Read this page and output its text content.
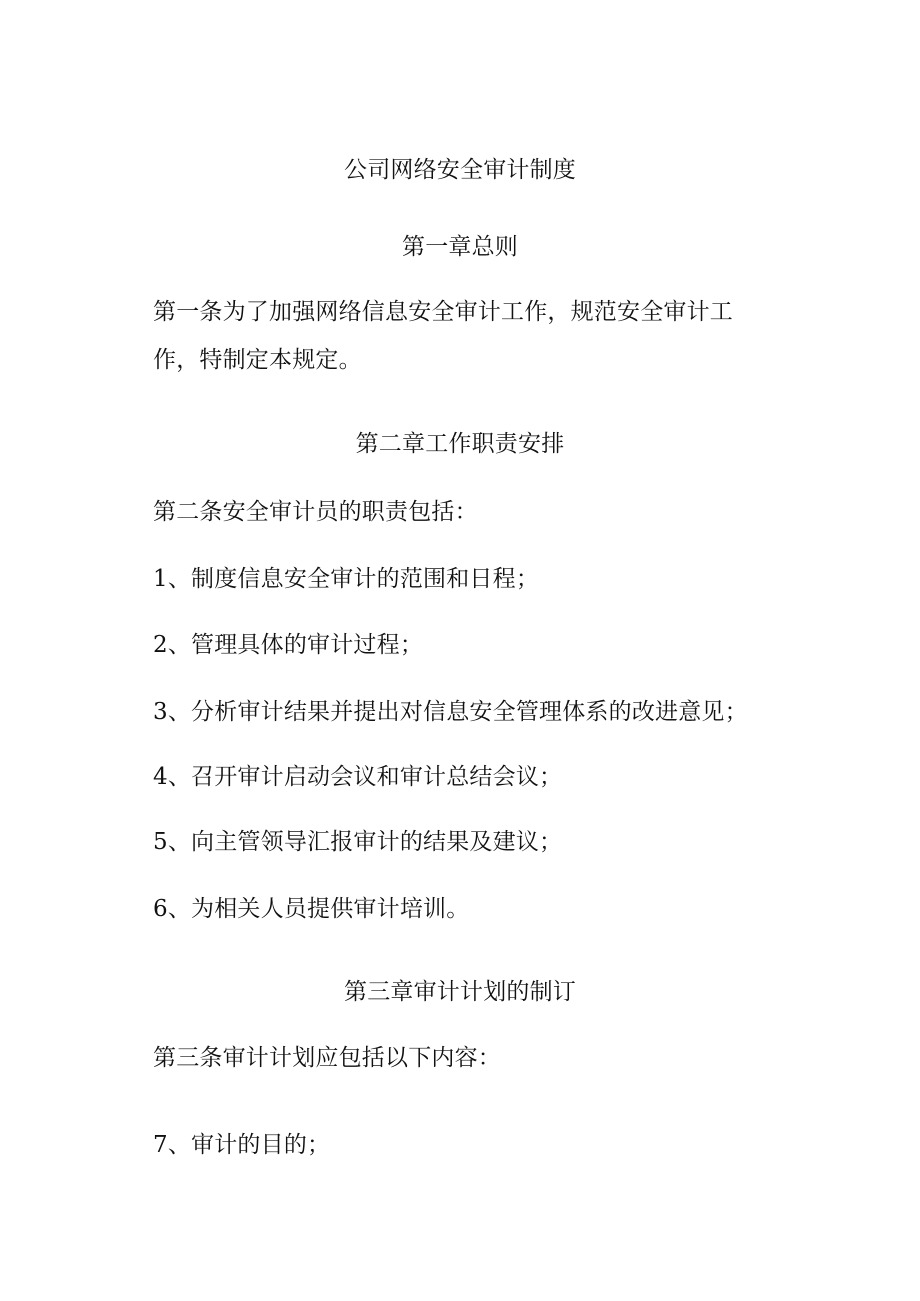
公司网络安全审计制度
第一章总则
第一条为了加强网络信息安全审计工作，规范安全审计工
作，特制定本规定。
第二章工作职责安排
第二条安全审计员的职责包括：
1、制度信息安全审计的范围和日程；
2、管理具体的审计过程；
3、分析审计结果并提出对信息安全管理体系的改进意见；
4、召开审计启动会议和审计总结会议；
5、向主管领导汇报审计的结果及建议；
6、为相关人员提供审计培训。
第三章审计计划的制订
第三条审计计划应包括以下内容：
7、审计的目的；
